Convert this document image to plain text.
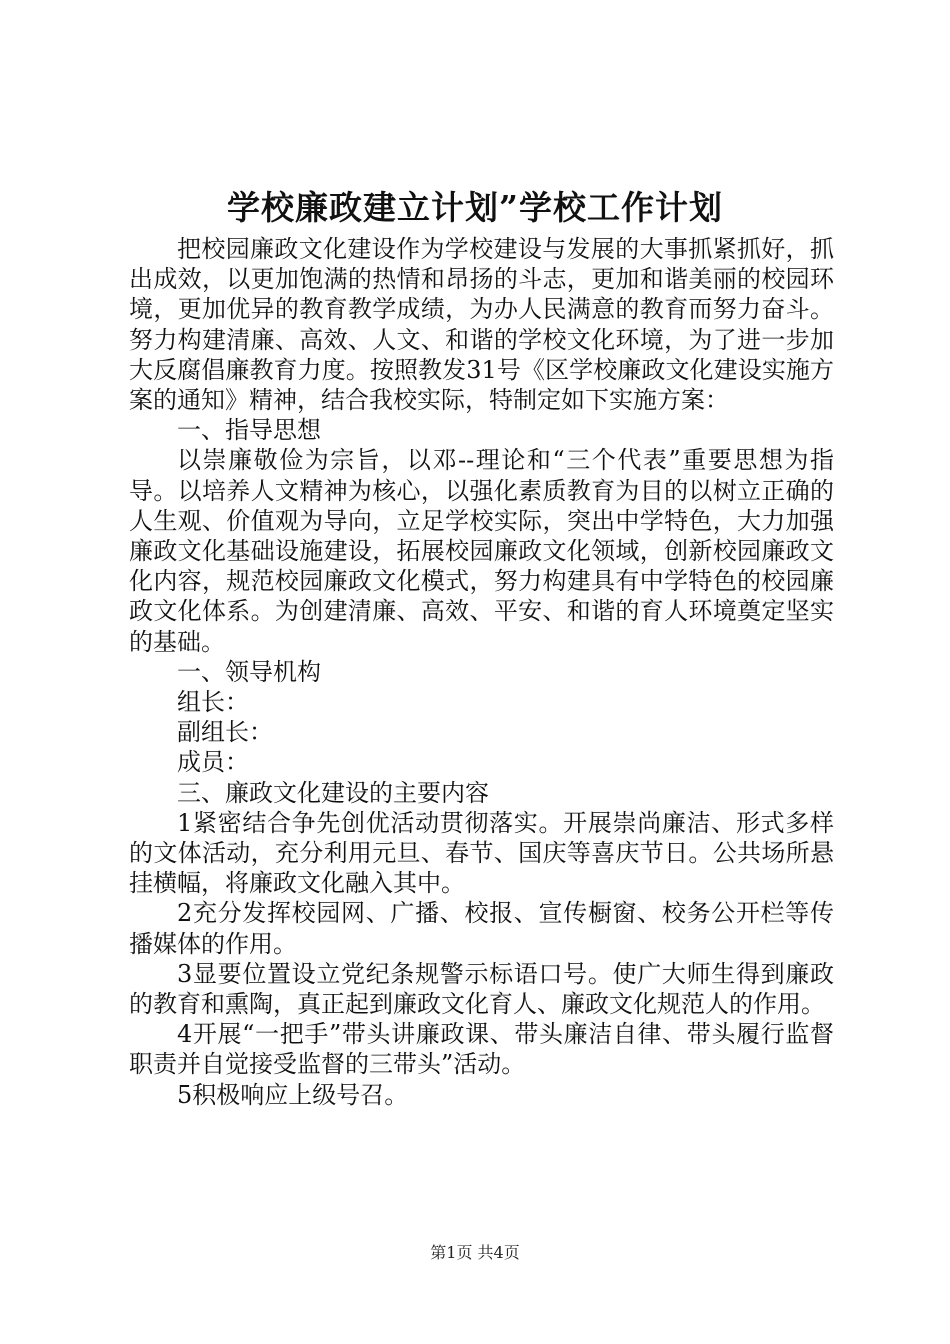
学校廉政建立计划”学校工作计划

把校园廉政文化建设作为学校建设与发展的大事抓紧抓好，抓出成效，以更加饱满的热情和昂扬的斗志，更加和谐美丽的校园环境，更加优异的教育教学成绩，为办人民满意的教育而努力奋斗。努力构建清廉、高效、人文、和谐的学校文化环境，为了进一步加大反腐倡廉教育力度。按照教发31号《区学校廉政文化建设实施方案的通知》精神，结合我校实际，特制定如下实施方案：

一、指导思想

以崇廉敬俭为宗旨，以邓--理论和“三个代表”重要思想为指导。以培养人文精神为核心，以强化素质教育为目的以树立正确的人生观、价值观为导向，立足学校实际，突出中学特色，大力加强廉政文化基础设施建设，拓展校园廉政文化领域，创新校园廉政文化内容，规范校园廉政文化模式，努力构建具有中学特色的校园廉政文化体系。为创建清廉、高效、平安、和谐的育人环境奠定坚实的基础。

一、领导机构

组长：

副组长：

成员：

三、廉政文化建设的主要内容

1紧密结合争先创优活动贯彻落实。开展崇尚廉洁、形式多样的文体活动，充分利用元旦、春节、国庆等喜庆节日。公共场所悬挂横幅，将廉政文化融入其中。

2充分发挥校园网、广播、校报、宣传橱窗、校务公开栏等传播媒体的作用。

3显要位置设立党纪条规警示标语口号。使广大师生得到廉政的教育和熏陶，真正起到廉政文化育人、廉政文化规范人的作用。

4开展“一把手”带头讲廉政课、带头廉洁自律、带头履行监督职责并自觉接受监督的三带头”活动。

5积极响应上级号召。

第1页 共4页
